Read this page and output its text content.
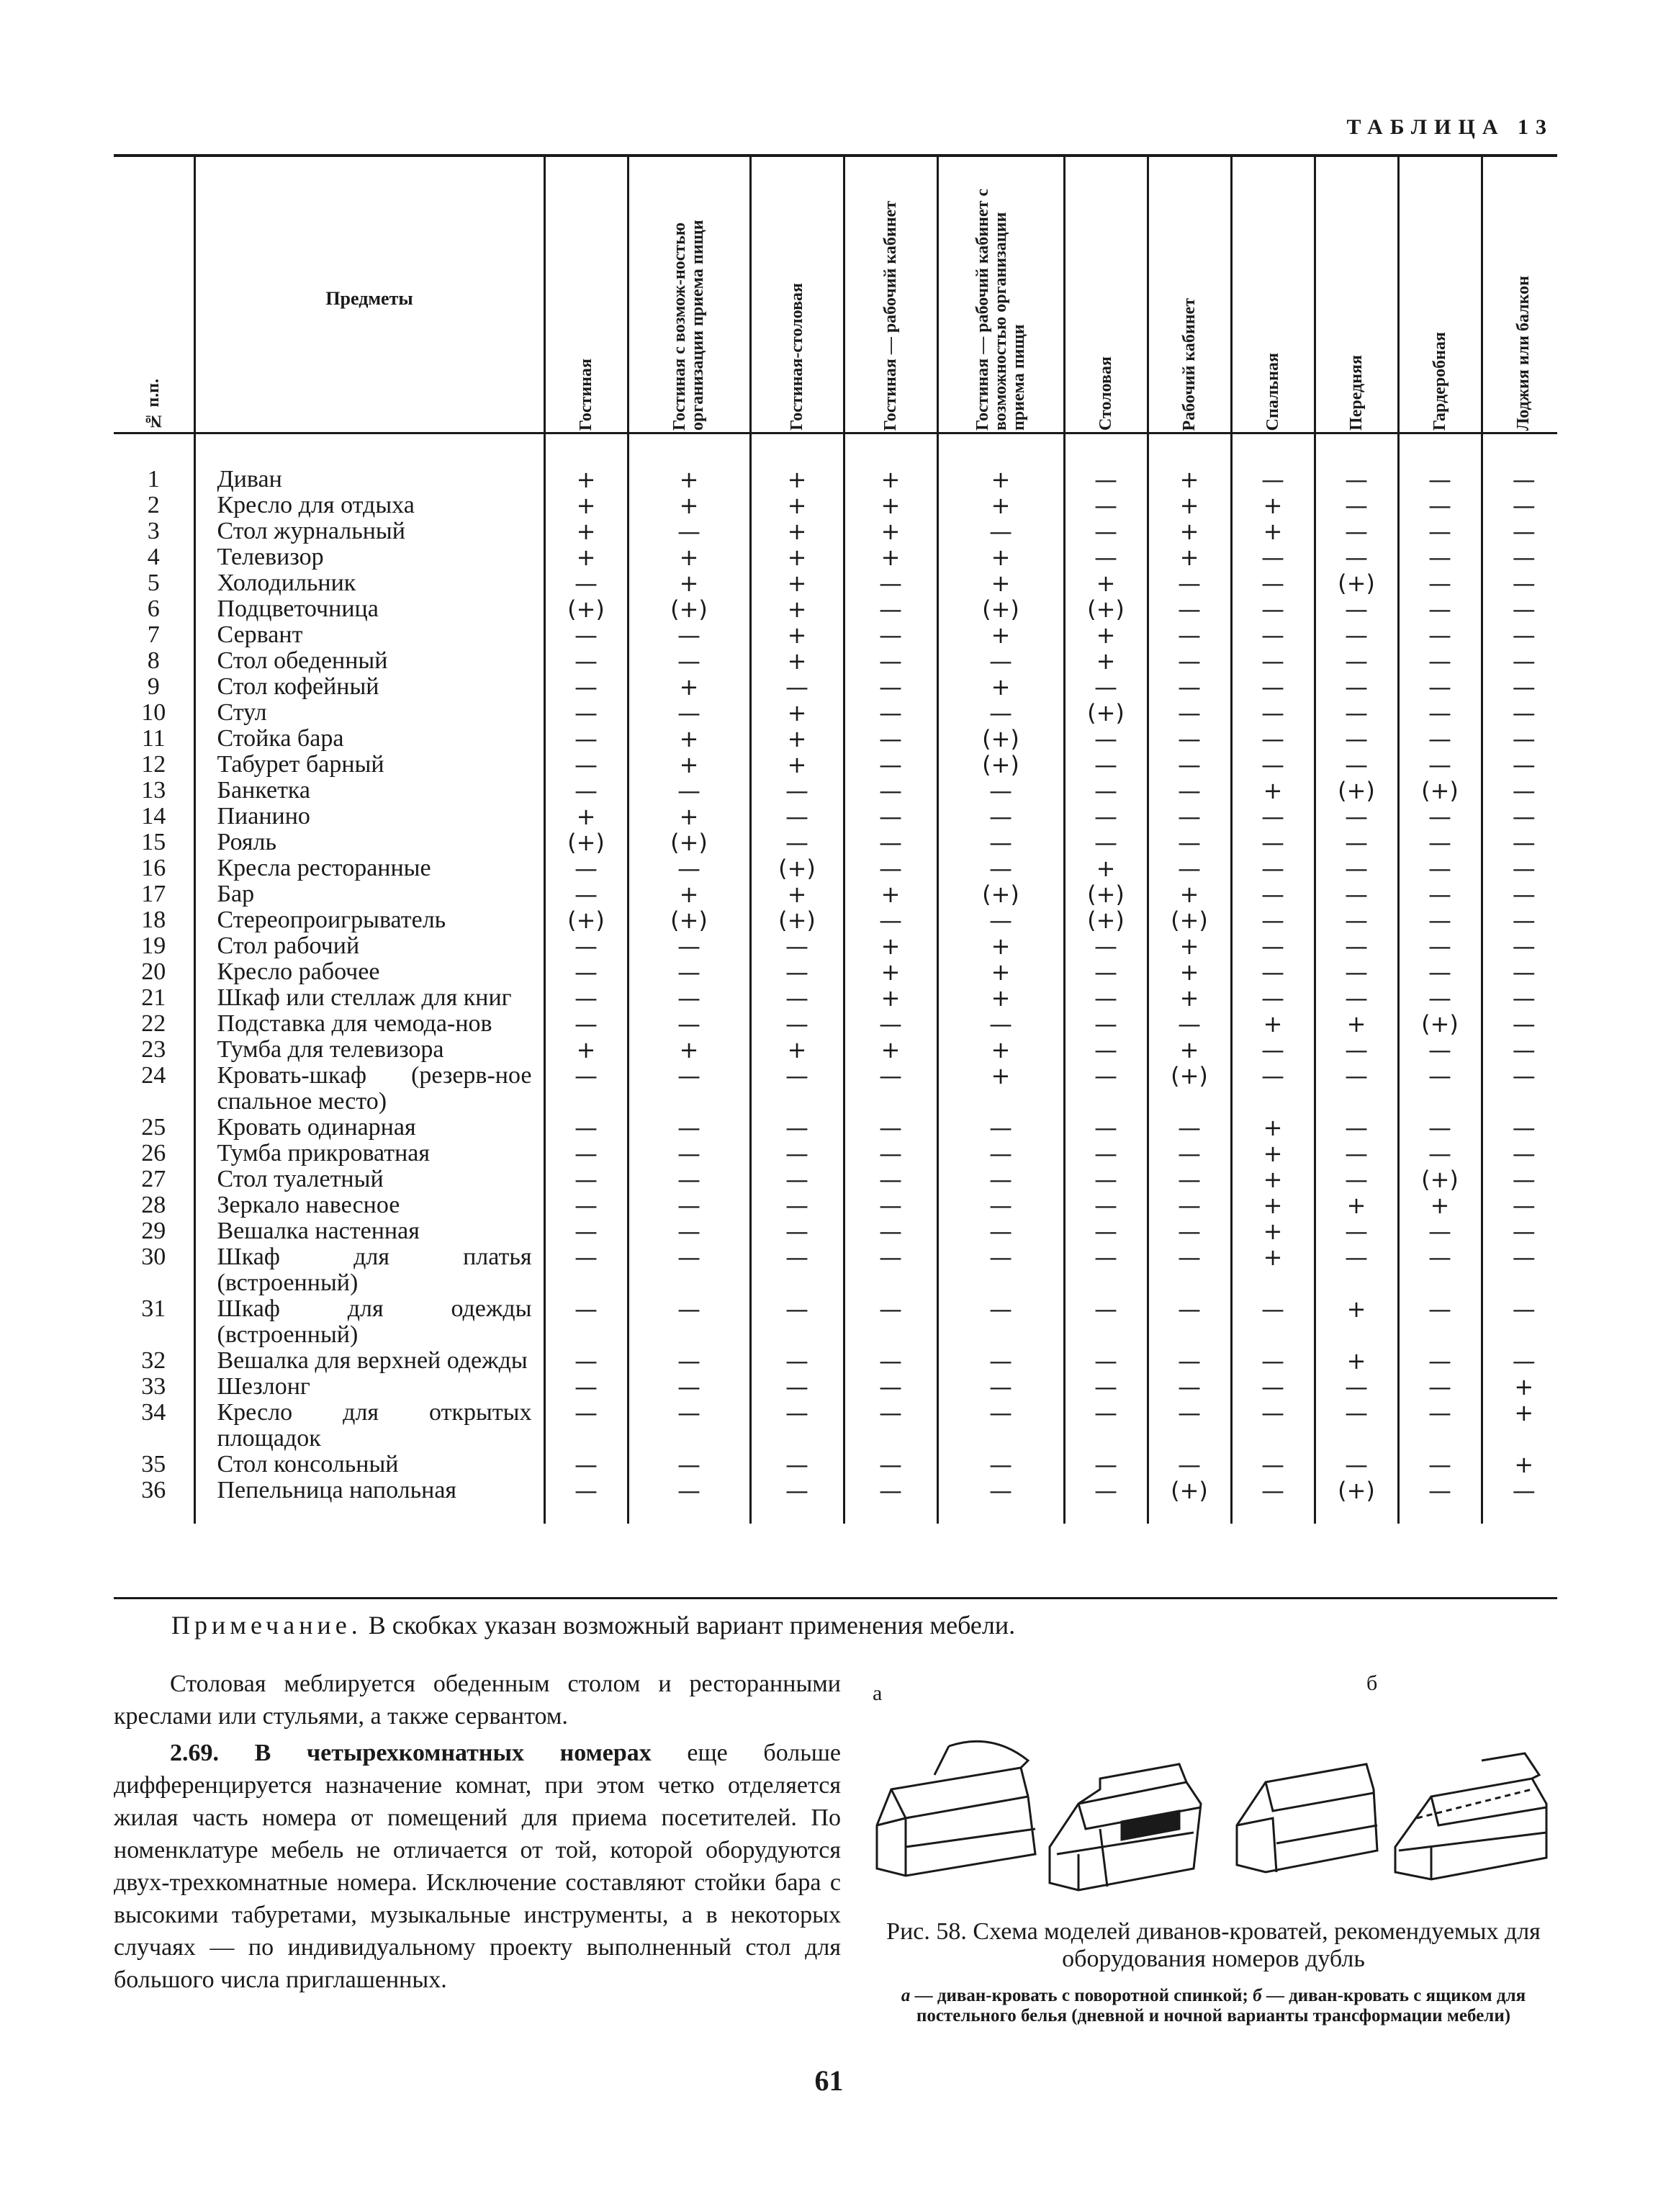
ТАБЛИЦА 13
№ п.п.	Предметы	Гостиная	Гостиная с возмож-ностью организации приема пищи	Гостиная-столовая	Гостиная — рабочий кабинет	Гостиная — рабочий кабинет с возможностью организации приема пищи	Столовая	Рабочий кабинет	Спальная	Передняя	Гардеробная	Лоджия или балкон

1	Диван	+	+	+	+	+	—	+	—	—	—	—
2	Кресло для отдыха	+	+	+	+	+	—	+	+	—	—	—
3	Стол журнальный	+	—	+	+	—	—	+	+	—	—	—
4	Телевизор	+	+	+	+	+	—	+	—	—	—	—
5	Холодильник	—	+	+	—	+	+	—	—	(+)	—	—
6	Подцветочница	(+)	(+)	+	—	(+)	(+)	—	—	—	—	—
7	Сервант	—	—	+	—	+	+	—	—	—	—	—
8	Стол обеденный	—	—	+	—	—	+	—	—	—	—	—
9	Стол кофейный	—	+	—	—	+	—	—	—	—	—	—
10	Стул	—	—	+	—	—	(+)	—	—	—	—	—
11	Стойка бара	—	+	+	—	(+)	—	—	—	—	—	—
12	Табурет барный	—	+	+	—	(+)	—	—	—	—	—	—
13	Банкетка	—	—	—	—	—	—	—	+	(+)	(+)	—
14	Пианино	+	+	—	—	—	—	—	—	—	—	—
15	Рояль	(+)	(+)	—	—	—	—	—	—	—	—	—
16	Кресла ресторанные	—	—	(+)	—	—	+	—	—	—	—	—
17	Бар	—	+	+	+	(+)	(+)	+	—	—	—	—
18	Стереопроигрыватель	(+)	(+)	(+)	—	—	(+)	(+)	—	—	—	—
19	Стол рабочий	—	—	—	+	+	—	+	—	—	—	—
20	Кресло рабочее	—	—	—	+	+	—	+	—	—	—	—
21	Шкаф или стеллаж для книг	—	—	—	+	+	—	+	—	—	—	—
22	Подставка для чемода-нов	—	—	—	—	—	—	—	+	+	(+)	—
23	Тумба для телевизора	+	+	+	+	+	—	+	—	—	—	—
24	Кровать-шкаф (резерв-ное спальное место)	—	—	—	—	+	—	(+)	—	—	—	—
25	Кровать одинарная	—	—	—	—	—	—	—	+	—	—	—
26	Тумба прикроватная	—	—	—	—	—	—	—	+	—	—	—
27	Стол туалетный	—	—	—	—	—	—	—	+	—	(+)	—
28	Зеркало навесное	—	—	—	—	—	—	—	+	+	+	—
29	Вешалка настенная	—	—	—	—	—	—	—	+	—	—	—
30	Шкаф для платья (встроенный)	—	—	—	—	—	—	—	+	—	—	—
31	Шкаф для одежды (встроенный)	—	—	—	—	—	—	—	—	+	—	—
32	Вешалка для верхней одежды	—	—	—	—	—	—	—	—	+	—	—
33	Шезлонг	—	—	—	—	—	—	—	—	—	—	+
34	Кресло для открытых площадок	—	—	—	—	—	—	—	—	—	—	+
35	Стол консольный	—	—	—	—	—	—	—	—	—	—	+
36	Пепельница напольная	—	—	—	—	—	—	(+)	—	(+)	—	—
Примечание. В скобках указан возможный вариант применения мебели.

Столовая меблируется обеденным столом и ресторанными креслами или стульями, а также сервантом.

2.69. В четырехкомнатных номерах еще больше дифференцируется назначение комнат, при этом четко отделяется жилая часть номера от помещений для приема посетителей. По номенклатуре мебель не отличается от той, которой оборудуются двух-трехкомнатные номера. Исключение составляют стойки бара с высокими табуретами, музыкальные инструменты, а в некоторых случаях — по индивидуальному проекту выполненный стол для большого числа приглашенных.

а	б
Рис. 58. Схема моделей диванов-кроватей, рекомендуемых для оборудования номеров дубль
а — диван-кровать с поворотной спинкой; б — диван-кровать с ящиком для постельного белья (дневной и ночной варианты трансформации мебели)
61
